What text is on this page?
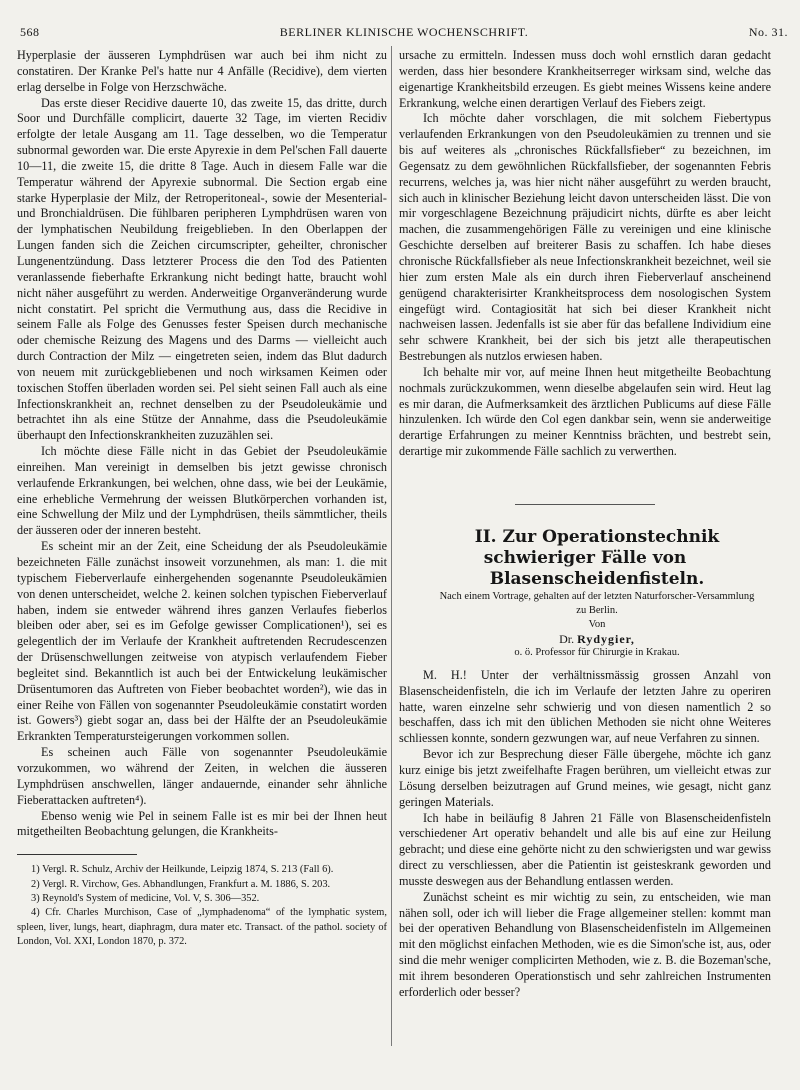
568	BERLINER KLINISCHE WOCHENSCHRIFT.	No. 31.

Hyperplasie der äusseren Lymphdrüsen war auch bei ihm nicht zu constatiren. Der Kranke Pel's hatte nur 4 Anfälle (Recidive), dem vierten erlag derselbe in Folge von Herzschwäche.

Das erste dieser Recidive dauerte 10, das zweite 15, das dritte, durch Soor und Durchfälle complicirt, dauerte 32 Tage, im vierten Recidiv erfolgte der letale Ausgang am 11. Tage desselben, wo die Temperatur subnormal geworden war. Die erste Apyrexie in dem Pel'schen Fall dauerte 10—11, die zweite 15, die dritte 8 Tage. Auch in diesem Falle war die Temperatur während der Apyrexie subnormal. Die Section ergab eine starke Hyperplasie der Milz, der Retroperitoneal-, sowie der Mesenterial- und Bronchialdrüsen. Die fühlbaren peripheren Lymphdrüsen waren von der lymphatischen Neubildung freigeblieben. In den Oberlappen der Lungen fanden sich die Zeichen circumscripter, geheilter, chronischer Lungenentzündung. Dass letzterer Process die den Tod des Patienten veranlassende fieberhafte Erkrankung nicht bedingt hatte, braucht wohl nicht näher ausgeführt zu werden. Anderweitige Organveränderung wurde nicht constatirt. Pel spricht die Vermuthung aus, dass die Recidive in seinem Falle als Folge des Genusses fester Speisen durch mechanische oder chemische Reizung des Magens und des Darms — vielleicht auch durch Contraction der Milz — eingetreten seien, indem das Blut dadurch von neuem mit zurückgebliebenen und noch wirksamen Keimen oder toxischen Stoffen überladen worden sei. Pel sieht seinen Fall auch als eine Infectionskrankheit an, rechnet denselben zu der Pseudoleukämie und betrachtet ihn als eine Stütze der Annahme, dass die Pseudoleukämie überhaupt den Infectionskrankheiten zuzuzählen sei.

Ich möchte diese Fälle nicht in das Gebiet der Pseudoleukämie einreihen. Man vereinigt in demselben bis jetzt gewisse chronisch verlaufende Erkrankungen, bei welchen, ohne dass, wie bei der Leukämie, eine erhebliche Vermehrung der weissen Blutkörperchen vorhanden ist, eine Schwellung der Milz und der Lymphdrüsen, theils sämmtlicher, theils der äusseren oder der inneren besteht.

Es scheint mir an der Zeit, eine Scheidung der als Pseudoleukämie bezeichneten Fälle zunächst insoweit vorzunehmen, als man: 1. die mit typischem Fieberverlaufe einhergehenden sogenannte Pseudoleukämien von denen unterscheidet, welche 2. keinen solchen typischen Fieberverlauf haben, indem sie entweder während ihres ganzen Verlaufes fieberlos bleiben oder aber, sei es im Gefolge gewisser Complicationen¹), sei es gelegentlich der im Verlaufe der Krankheit auftretenden Recrudescenzen der Drüsenschwellungen zeitweise von atypisch verlaufendem Fieber begleitet sind. Bekanntlich ist auch bei der Entwickelung leukämischer Drüsentumoren das Auftreten von Fieber beobachtet worden²), wie das in einer Reihe von Fällen von sogenannter Pseudoleukämie constatirt worden ist. Gowers³) giebt sogar an, dass bei der Hälfte der an Pseudoleukämie Erkrankten Temperatursteigerungen vorkommen sollen.

Es scheinen auch Fälle von sogenannter Pseudoleukämie vorzukommen, wo während der Zeiten, in welchen die äusseren Lymphdrüsen anschwellen, länger andauernde, einander sehr ähnliche Fieberattacken auftreten⁴).

Ebenso wenig wie Pel in seinem Falle ist es mir bei der Ihnen heut mitgetheilten Beobachtung gelungen, die Krankheits-

1) Vergl. R. Schulz, Archiv der Heilkunde, Leipzig 1874, S. 213 (Fall 6).

2) Vergl. R. Virchow, Ges. Abhandlungen, Frankfurt a. M. 1886, S. 203.

3) Reynold's System of medicine, Vol. V, S. 306—352.

4) Cfr. Charles Murchison, Case of „lymphadenoma“ of the lymphatic system, spleen, liver, lungs, heart, diaphragm, dura mater etc. Transact. of the pathol. society of London, Vol. XXI, London 1870, p. 372.

ursache zu ermitteln. Indessen muss doch wohl ernstlich daran gedacht werden, dass hier besondere Krankheitserreger wirksam sind, welche das eigenartige Krankheitsbild erzeugen. Es giebt meines Wissens keine andere Erkrankung, welche einen derartigen Verlauf des Fiebers zeigt.

Ich möchte daher vorschlagen, die mit solchem Fiebertypus verlaufenden Erkrankungen von den Pseudoleukämien zu trennen und sie bis auf weiteres als „chronisches Rückfallsfieber“ zu bezeichnen, im Gegensatz zu dem gewöhnlichen Rückfallsfieber, der sogenannten Febris recurrens, welches ja, was hier nicht näher ausgeführt zu werden braucht, sich auch in klinischer Beziehung leicht davon unterscheiden lässt. Die von mir vorgeschlagene Bezeichnung präjudicirt nichts, dürfte es aber leicht machen, die zusammengehörigen Fälle zu vereinigen und eine klinische Geschichte derselben auf breiterer Basis zu schaffen. Ich habe dieses chronische Rückfallsfieber als neue Infectionskrankheit bezeichnet, weil sie hier zum ersten Male als ein durch ihren Fieberverlauf anscheinend genügend charakterisirter Krankheitsprocess dem nosologischen System eingefügt wird. Contagiosität hat sich bei dieser Krankheit nicht nachweisen lassen. Jedenfalls ist sie aber für das befallene Individium eine sehr schwere Krankheit, bei der sich bis jetzt alle therapeutischen Bestrebungen als nutzlos erwiesen haben.

Ich behalte mir vor, auf meine Ihnen heut mitgetheilte Beobachtung nochmals zurückzukommen, wenn dieselbe abgelaufen sein wird. Heut lag es mir daran, die Aufmerksamkeit des ärztlichen Publicums auf diese Fälle hinzulenken. Ich würde den Col egen dankbar sein, wenn sie anderweitige derartige Erfahrungen zu meiner Kenntniss brächten, und bestrebt sein, derartige mir zukommende Fälle sachlich zu verwerthen.

II. Zur Operationstechnik schwieriger Fälle von

Blasenscheidenfisteln.

Nach einem Vortrage, gehalten auf der letzten Naturforscher-Versammlung

zu Berlin.

Von

Dr. Rydygier,

o. ö. Professor für Chirurgie in Krakau.

M. H.! Unter der verhältnissmässig grossen Anzahl von Blasenscheidenfisteln, die ich im Verlaufe der letzten Jahre zu operiren hatte, waren einzelne sehr schwierig und von diesen namentlich 2 so beschaffen, dass ich mit den üblichen Methoden sie nicht ohne Weiteres schliessen konnte, sondern gezwungen war, auf neue Verfahren zu sinnen.

Bevor ich zur Besprechung dieser Fälle übergehe, möchte ich ganz kurz einige bis jetzt zweifelhafte Fragen berühren, um vielleicht etwas zur Lösung derselben beizutragen auf Grund meines, wie gesagt, nicht ganz geringen Materials.

Ich habe in beiläufig 8 Jahren 21 Fälle von Blasenscheidenfisteln verschiedener Art operativ behandelt und alle bis auf eine zur Heilung gebracht; und diese eine gehörte nicht zu den schwierigsten und war gewiss direct zu verschliessen, aber die Patientin ist geisteskrank geworden und musste deswegen aus der Behandlung entlassen werden.

Zunächst scheint es mir wichtig zu sein, zu entscheiden, wie man nähen soll, oder ich will lieber die Frage allgemeiner stellen: kommt man bei der operativen Behandlung von Blasenscheidenfisteln im Allgemeinen mit den möglichst einfachen Methoden, wie es die Simon'sche ist, aus, oder sind die mehr weniger complicirten Methoden, wie z. B. die Bozeman'sche, mit ihrem besonderen Operationstisch und sehr zahlreichen Instrumenten erforderlich oder besser?
